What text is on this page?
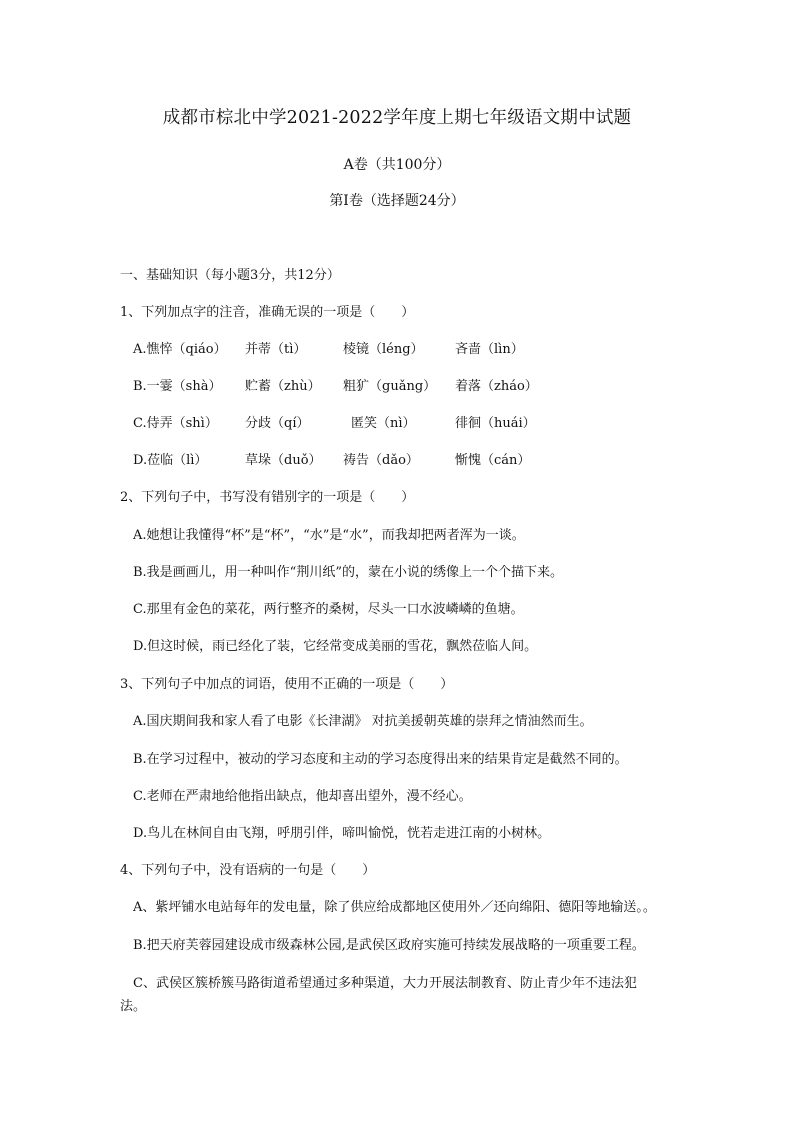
成都市棕北中学2021-2022学年度上期七年级语文期中试题
A卷（共100分）
第Ⅰ卷（选择题24分）
一、基础知识（每小题3分，共12分）
1、下列加点字的注音，准确无误的一项是（　　）
A.憔悴（qiáo） 并蒂（tì）	棱镜（léng） 吝啬（lìn）
B.一霎（shà） 贮蓄（zhù） 粗犷（guǎng） 着落（zháo）
C.侍弄（shì） 分歧（qí）	匿笑（nì）	徘徊（huái）
D.莅临（lì）	草垛（duǒ） 祷告（dǎo）	惭愧（cán）
2、下列句子中，书写没有错别字的一项是（　　）
A.她想让我懂得“杯”是“杯”，“水”是“水”，而我却把两者浑为一谈。
B.我是画画儿，用一种叫作“荆川纸”的，蒙在小说的绣像上一个个描下来。
C.那里有金色的菜花，两行整齐的桑树，尽头一口水波嶙嶙的鱼塘。
D.但这时候，雨已经化了装，它经常变成美丽的雪花，飘然莅临人间。
3、下列句子中加点的词语，使用不正确的一项是（　　）
A.国庆期间我和家人看了电影《长津湖》 对抗美援朝英雄的崇拜之情油然而生。
B.在学习过程中，被动的学习态度和主动的学习态度得出来的结果肯定是截然不同的。
C.老师在严肃地给他指出缺点，他却喜出望外，漫不经心。
D.鸟儿在林间自由飞翔，呼朋引伴，啼叫愉悦，恍若走进江南的小树林。
4、下列句子中，没有语病的一句是（　　）
A、紫坪铺水电站每年的发电量，除了供应给成都地区使用外／还向绵阳、德阳等地输送。。
B.把天府芙蓉园建设成市级森林公园,是武侯区政府实施可持续发展战略的一项重要工程。
C、武侯区簇桥簇马路街道希望通过多种渠道，大力开展法制教育、防止青少年不违法犯
法。
